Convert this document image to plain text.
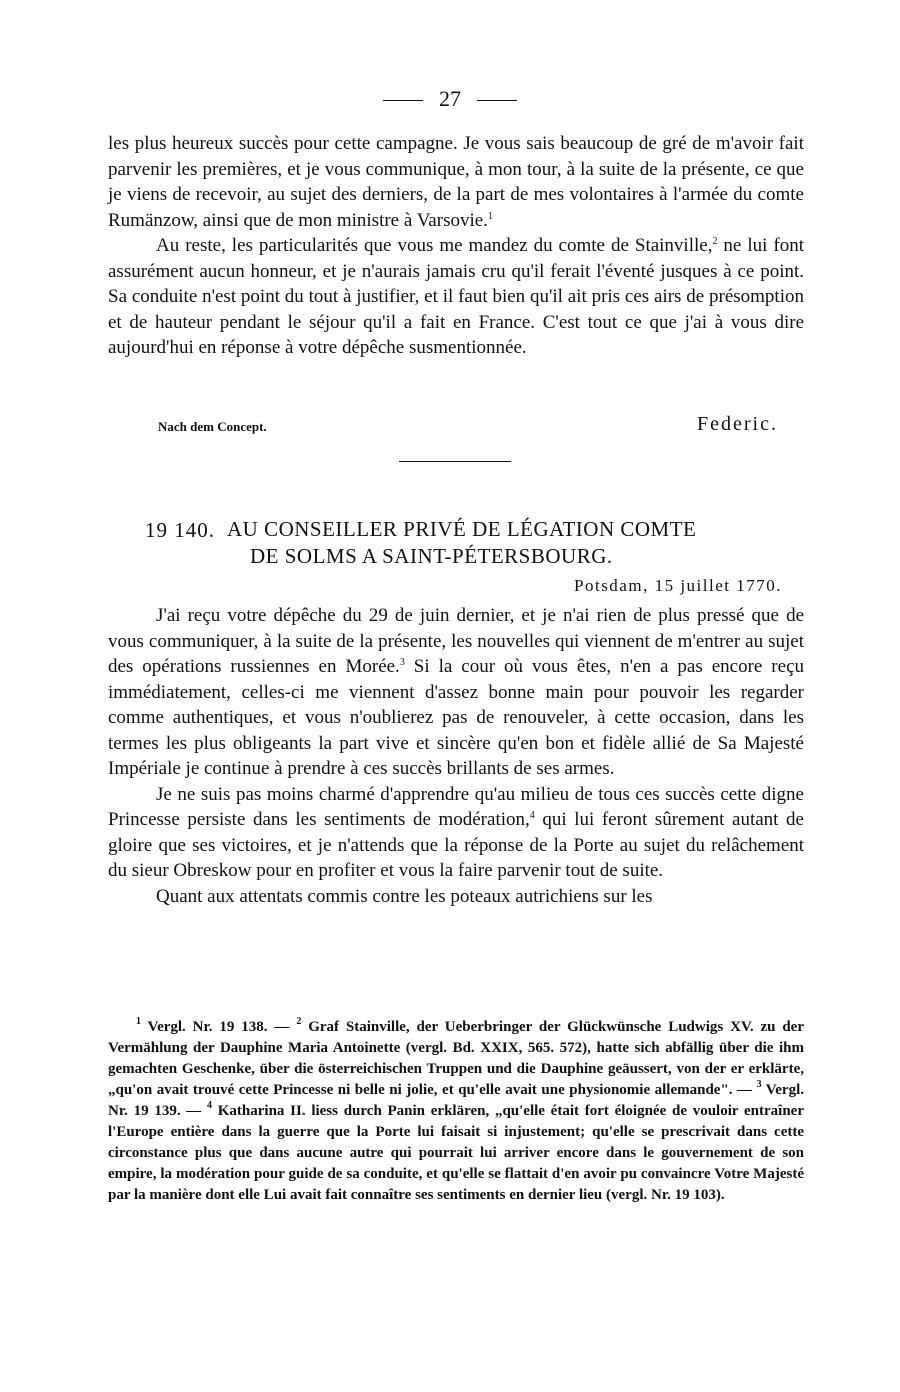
27

les plus heureux succès pour cette campagne. Je vous sais beaucoup de gré de m'avoir fait parvenir les premières, et je vous communique, à mon tour, à la suite de la présente, ce que je viens de recevoir, au sujet des derniers, de la part de mes volontaires à l'armée du comte Rumänzow, ainsi que de mon ministre à Varsovie.$^1$

Au reste, les particularités que vous me mandez du comte de Stainville,$^2$ ne lui font assurément aucun honneur, et je n'aurais jamais cru qu'il ferait l'éventé jusques à ce point. Sa conduite n'est point du tout à justifier, et il faut bien qu'il ait pris ces airs de présomption et de hauteur pendant le séjour qu'il a fait en France. C'est tout ce que j'ai à vous dire aujourd'hui en réponse à votre dépêche susmentionnée.

Nach dem Concept.	Federic.
19 140. AU CONSEILLER PRIVÉ DE LÉGATION COMTE
DE SOLMS A SAINT-PÉTERSBOURG.
Potsdam, 15 juillet 1770.

J'ai reçu votre dépêche du 29 de juin dernier, et je n'ai rien de plus pressé que de vous communiquer, à la suite de la présente, les nouvelles qui viennent de m'entrer au sujet des opérations russiennes en Morée.$^3$ Si la cour où vous êtes, n'en a pas encore reçu immédiatement, celles-ci me viennent d'assez bonne main pour pouvoir les regarder comme authentiques, et vous n'oublierez pas de renouveler, à cette occasion, dans les termes les plus obligeants la part vive et sincère qu'en bon et fidèle allié de Sa Majesté Impériale je continue à prendre à ces succès brillants de ses armes.

Je ne suis pas moins charmé d'apprendre qu'au milieu de tous ces succès cette digne Princesse persiste dans les sentiments de modération,$^4$ qui lui feront sûrement autant de gloire que ses victoires, et je n'attends que la réponse de la Porte au sujet du relâchement du sieur Obreskow pour en profiter et vous la faire parvenir tout de suite.

Quant aux attentats commis contre les poteaux autrichiens sur les

$^1$ Vergl. Nr. 19 138. — $^2$ Graf Stainville, der Ueberbringer der Glückwünsche Ludwigs XV. zu der Vermählung der Dauphine Maria Antoinette (vergl. Bd. XXIX, 565. 572), hatte sich abfällig über die ihm gemachten Geschenke, über die österreichischen Truppen und die Dauphine geäussert, von der er erklärte, „qu'on avait trouvé cette Princesse ni belle ni jolie, et qu'elle avait une physionomie allemande". — $^3$ Vergl. Nr. 19 139. — $^4$ Katharina II. liess durch Panin erklären, „qu'elle était fort éloignée de vouloir entraîner l'Europe entière dans la guerre que la Porte lui faisait si injustement; qu'elle se prescrivait dans cette circonstance plus que dans aucune autre qui pourrait lui arriver encore dans le gouvernement de son empire, la modération pour guide de sa conduite, et qu'elle se flattait d'en avoir pu convaincre Votre Majesté par la manière dont elle Lui avait fait connaître ses sentiments en dernier lieu (vergl. Nr. 19 103).
